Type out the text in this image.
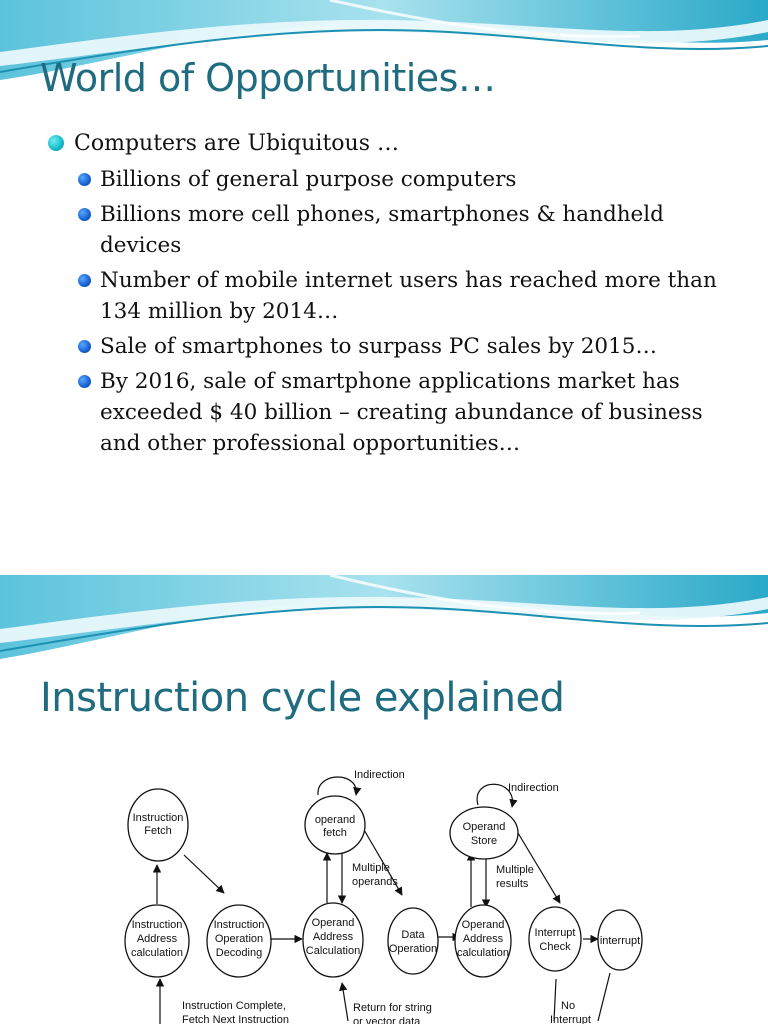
World of Opportunities…
Computers are Ubiquitous …
Billions of general purpose computers
Billions more cell phones, smartphones & handheld devices
Number of mobile internet users has reached more than 134 million by 2014…
Sale of smartphones to surpass PC sales by 2015…
By 2016, sale of smartphone applications market has exceeded $ 40 billion – creating abundance of business and other professional opportunities…
Instruction cycle explained
Instruction
Fetch
Instruction
Address
calculation
Instruction
Operation
Decoding
operand
fetch
Operand
Address
Calculation
Data
Operation
Operand
Store
Operand
Address
calculation
Interrupt
Check	interrupt
Indirection
Indirection
Multiple
operands
Multiple
results
Instruction Complete,
Fetch Next Instruction
Return for string
or vector data
No
Interrupt
